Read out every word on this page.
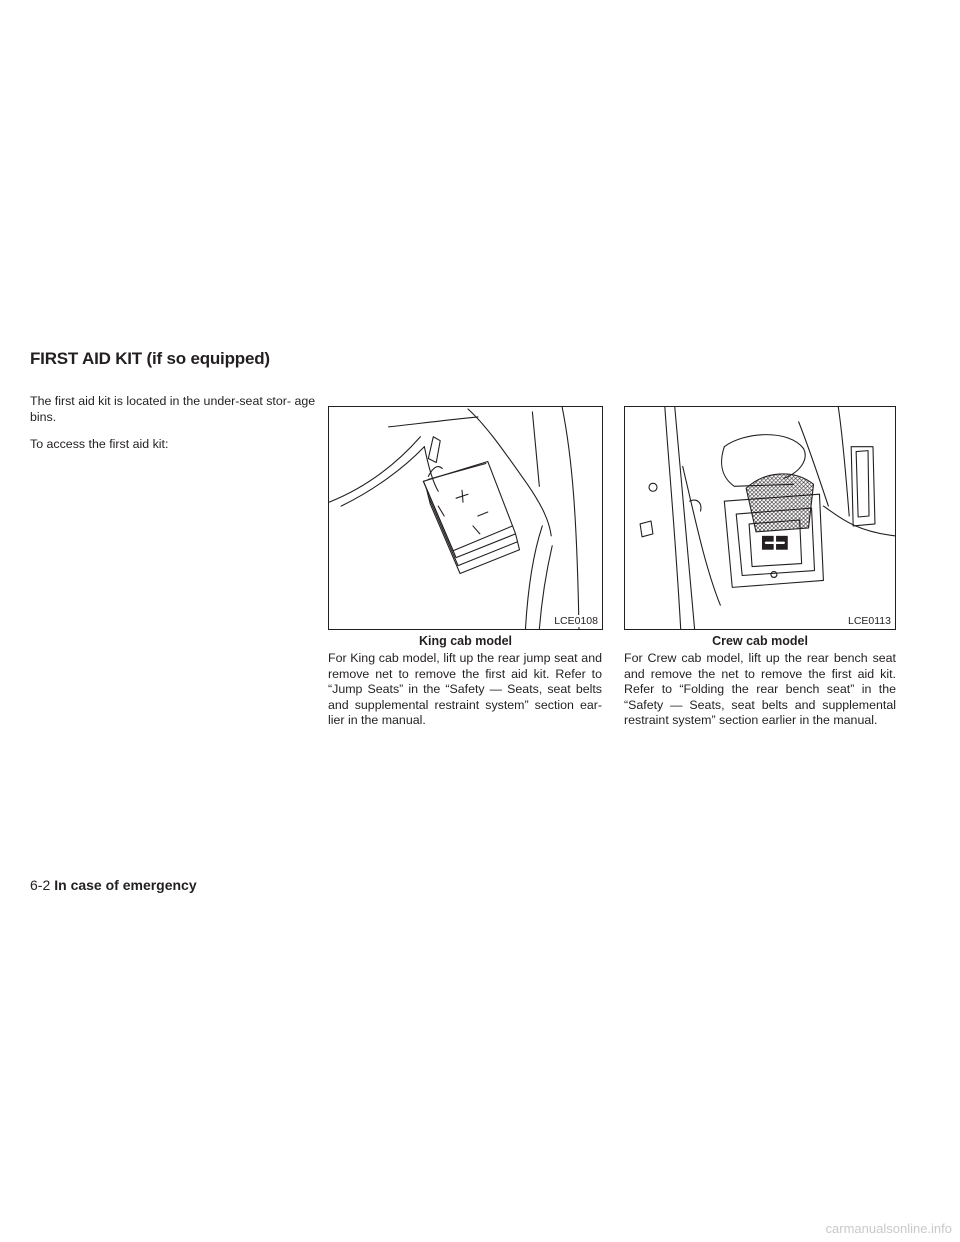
FIRST AID KIT (if so equipped)

The first aid kit is located in the under-seat stor- age bins.

To access the first aid kit:

LCE0108

King cab model

For King cab model, lift up the rear jump seat and remove net to remove the first aid kit. Refer to “Jump Seats” in the “Safety — Seats, seat belts and supplemental restraint system” section ear- lier in the manual.

LCE0113

Crew cab model

For Crew cab model, lift up the rear bench seat and remove the net to remove the first aid kit. Refer to “Folding the rear bench seat” in the “Safety — Seats, seat belts and supplemental restraint system” section earlier in the manual.

6-2 In case of emergency
carmanualsonline.info
